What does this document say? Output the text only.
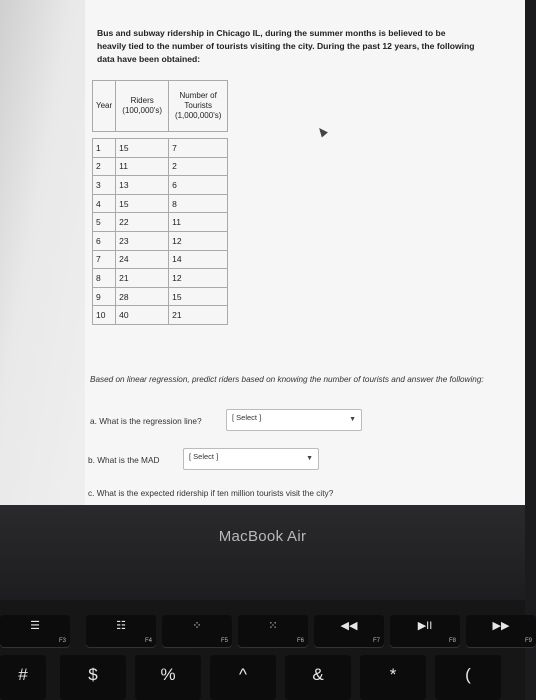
Bus and subway ridership in Chicago IL, during the summer months is believed to be heavily tied to the number of tourists visiting the city. During the past 12 years, the following data have been obtained:
Year	Riders (100,000's)	Number of Tourists (1,000,000's)

1	15	7
2	11	2
3	13	6
4	15	8
5	22	11
6	23	12
7	24	14
8	21	12
9	28	15
10	40	21
Based on linear regression, predict riders based on knowing the number of tourists and answer the following:
a. What is the regression line?	[ Select ]	▼
b. What is the MAD	[ Select ]	▼
c. What is the expected ridership if ten million tourists visit the city?
MacBook Air
☰
F3
☷
F4
⁘
F5
⁙
F6
◀◀
F7
▶II
F8
▶▶
F9
#	$	%	^	&	*	(
